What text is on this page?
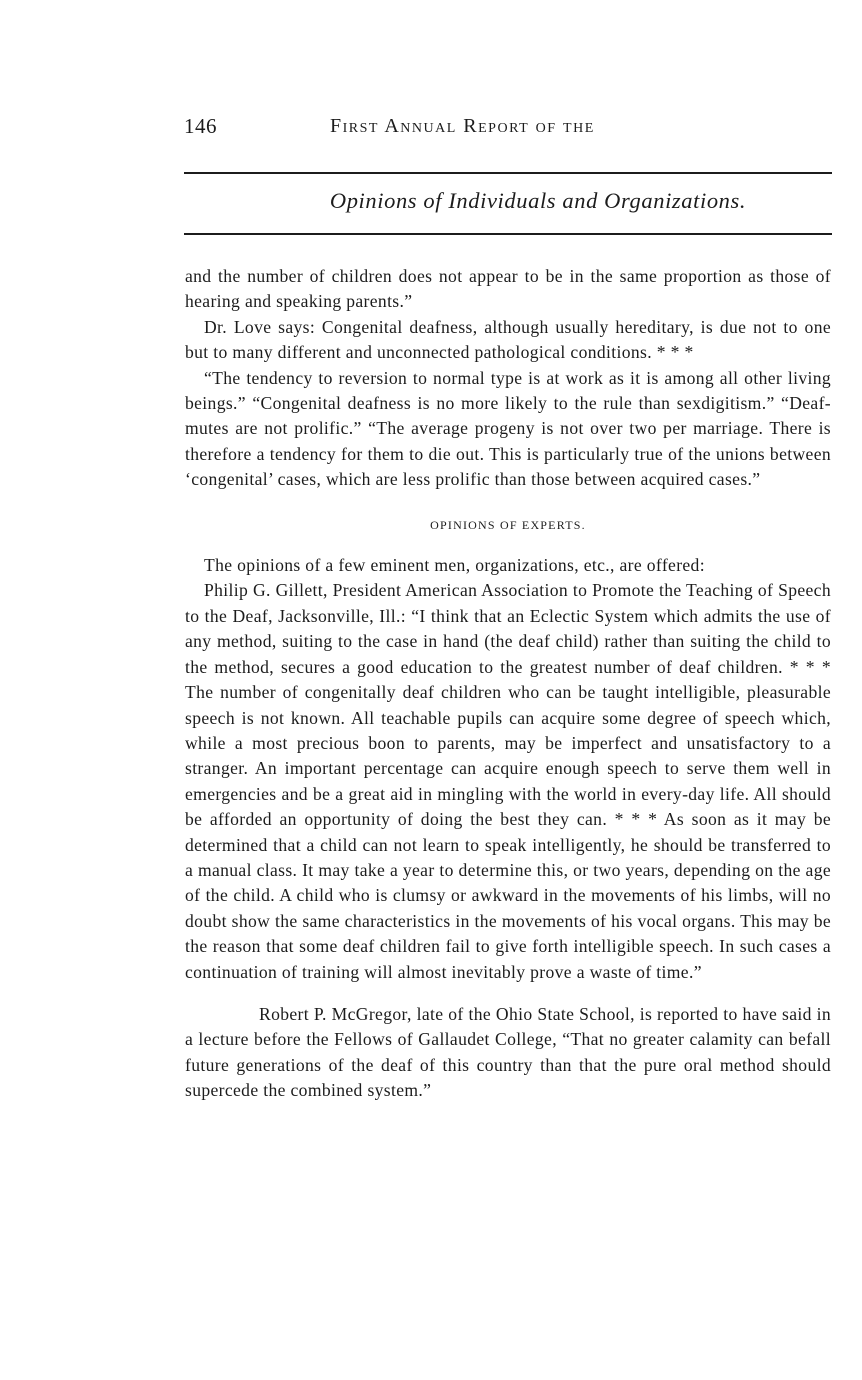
146	First Annual Report of the
Opinions of Individuals and Organizations.

and the number of children does not appear to be in the same proportion as those of hearing and speaking parents.”

Dr. Love says: Congenital deafness, although usually hereditary, is due not to one but to many different and unconnected pathological conditions. * * *

“The tendency to reversion to normal type is at work as it is among all other living beings.” “Congenital deafness is no more likely to the rule than sexdigitism.” “Deaf-mutes are not prolific.” “The average progeny is not over two per marriage. There is therefore a tendency for them to die out. This is particularly true of the unions between ‘congenital’ cases, which are less prolific than those between acquired cases.”

OPINIONS OF EXPERTS.

The opinions of a few eminent men, organizations, etc., are offered:

Philip G. Gillett, President American Association to Promote the Teaching of Speech to the Deaf, Jacksonville, Ill.: “I think that an Eclectic System which admits the use of any method, suiting to the case in hand (the deaf child) rather than suiting the child to the method, secures a good education to the greatest number of deaf children. * * * The number of congenitally deaf children who can be taught intelligible, pleasurable speech is not known. All teachable pupils can acquire some degree of speech which, while a most precious boon to parents, may be imperfect and unsatisfactory to a stranger. An important percentage can acquire enough speech to serve them well in emergencies and be a great aid in mingling with the world in every-day life. All should be afforded an opportunity of doing the best they can. * * * As soon as it may be determined that a child can not learn to speak intelligently, he should be transferred to a manual class. It may take a year to determine this, or two years, depending on the age of the child. A child who is clumsy or awkward in the movements of his limbs, will no doubt show the same characteristics in the movements of his vocal organs. This may be the reason that some deaf children fail to give forth intelligible speech. In such cases a continuation of training will almost inevitably prove a waste of time.”

Robert P. McGregor, late of the Ohio State School, is reported to have said in a lecture before the Fellows of Gallaudet College, “That no greater calamity can befall future generations of the deaf of this country than that the pure oral method should supercede the combined system.”
